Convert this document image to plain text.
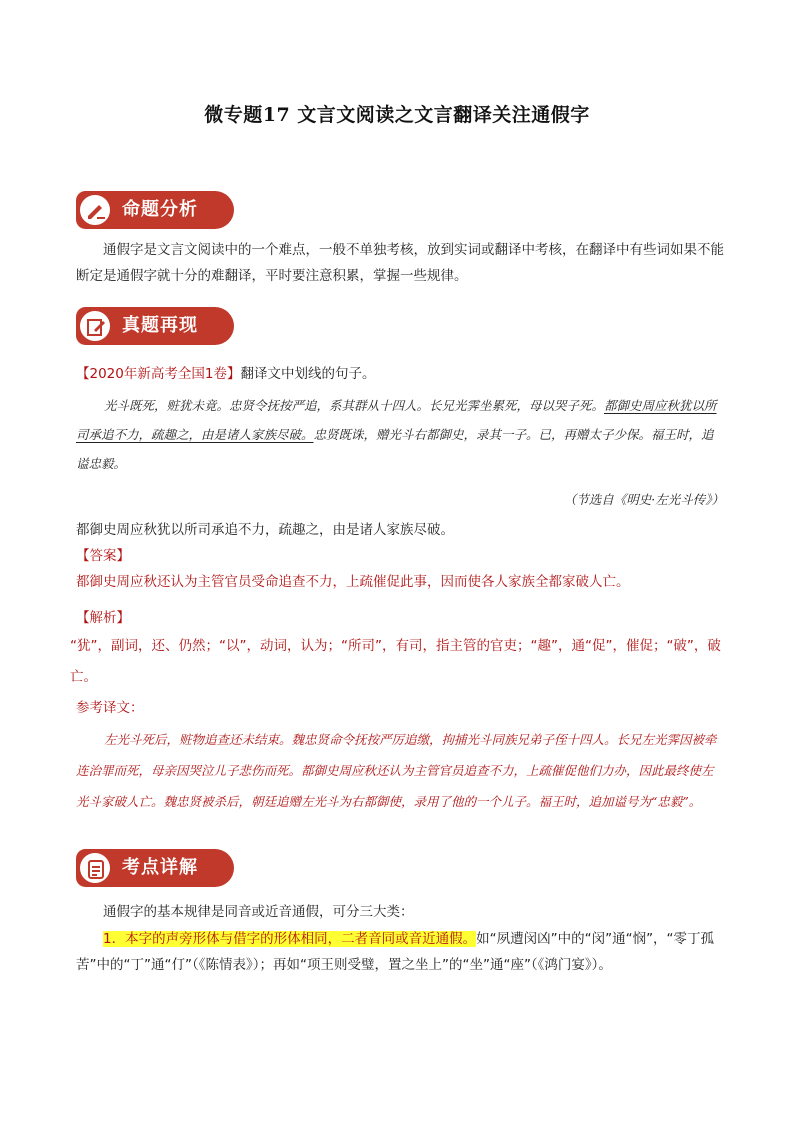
微专题17 文言文阅读之文言翻译关注通假字
命题分析
通假字是文言文阅读中的一个难点，一般不单独考核，放到实词或翻译中考核，在翻译中有些词如果不能断定是通假字就十分的难翻译，平时要注意积累，掌握一些规律。
真题再现
【2020年新高考全国1卷】翻译文中划线的句子。
光斗既死，赃犹未竟。忠贤令抚按严追，系其群从十四人。长兄光霁坐累死，母以哭子死。都御史周应秋犹以所司承追不力，疏趣之，由是诸人家族尽破。忠贤既诛，赠光斗右都御史，录其一子。已，再赠太子少保。福王时，追谥忠毅。
（节选自《明史·左光斗传》）
都御史周应秋犹以所司承追不力，疏趣之，由是诸人家族尽破。
【答案】
都御史周应秋还认为主管官员受命追查不力，上疏催促此事，因而使各人家族全都家破人亡。
【解析】
“犹”，副词，还、仍然；“以”，动词，认为；“所司”，有司，指主管的官吏；“趣”，通“促”，催促；“破”，破亡。
参考译文：
左光斗死后，赃物追查还未结束。魏忠贤命令抚按严厉追缴，拘捕光斗同族兄弟子侄十四人。长兄左光霁因被牵连治罪而死，母亲因哭泣儿子悲伤而死。都御史周应秋还认为主管官员追查不力，上疏催促他们力办，因此最终使左光斗家破人亡。魏忠贤被杀后，朝廷追赠左光斗为右都御使，录用了他的一个儿子。福王时，追加谥号为“忠毅”。
考点详解
通假字的基本规律是同音或近音通假，可分三大类：
1．本字的声旁形体与借字的形体相同，二者音同或音近通假。如“夙遭闵凶”中的“闵”通“悯”，“零丁孤苦”中的“丁”通“仃”（《陈情表》）；再如“项王则受璧，置之坐上”的“坐”通“座”（《鸿门宴》）。
